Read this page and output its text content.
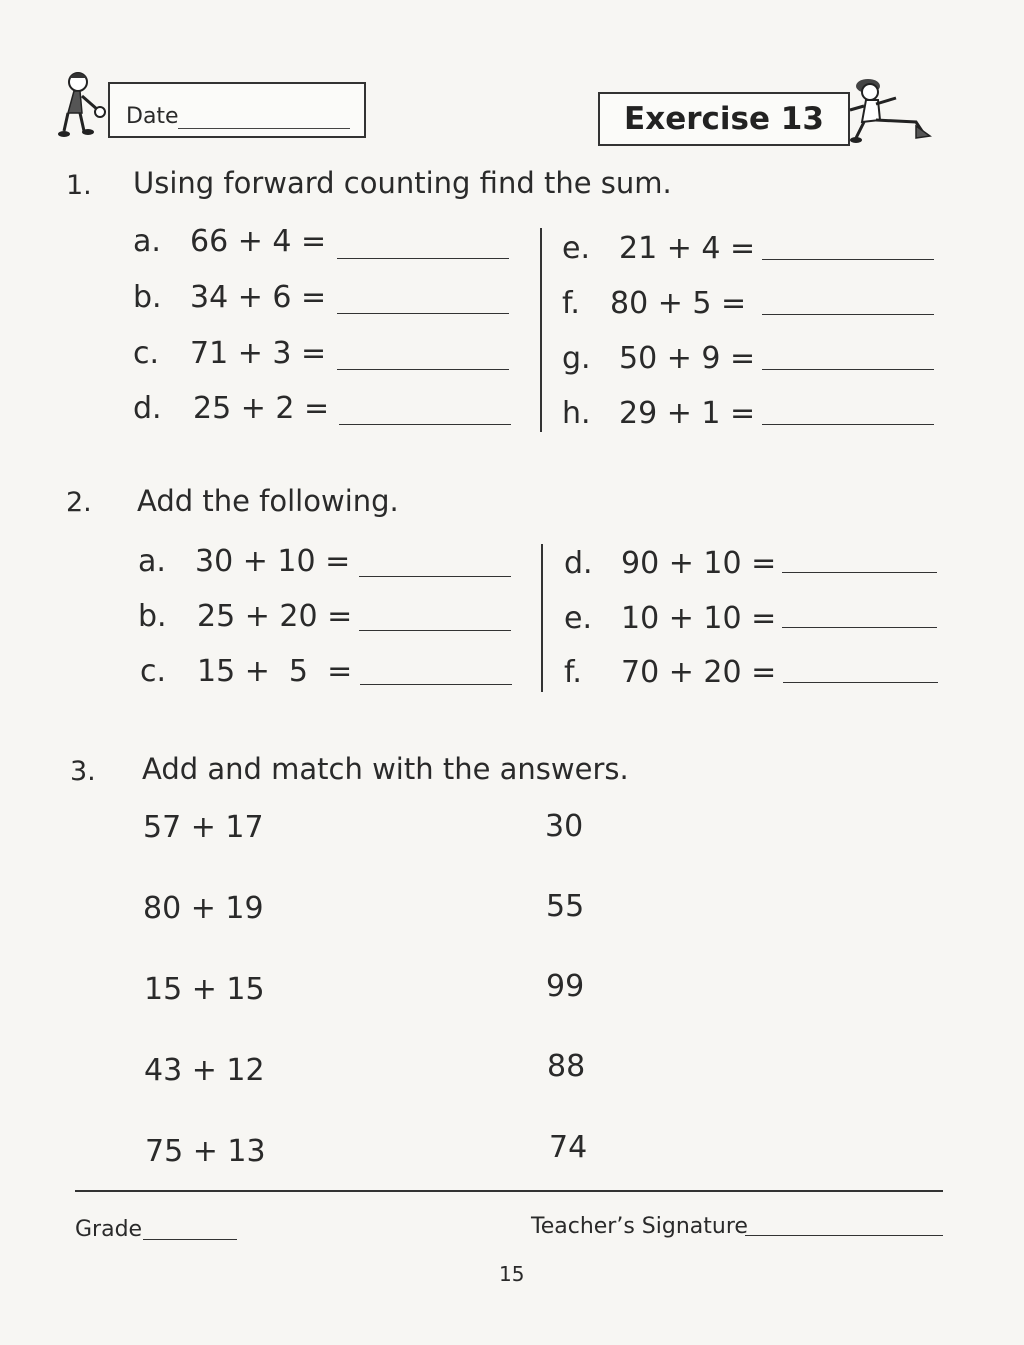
Date	Exercise 13
1. Using forward counting find the sum.
a. 66 + 4 =
b. 34 + 6 =
c. 71 + 3 =
d. 25 + 2 =
e. 21 + 4 =
f. 80 + 5 =
g. 50 + 9 =
h. 29 + 1 =
2. Add the following.
a. 30 + 10 =
b. 25 + 20 =
c. 15 +  5  =
d. 90 + 10 =
e. 10 + 10 =
f. 70 + 20 =
3. Add and match with the answers.
57 + 17
80 + 19
15 + 15
43 + 12
75 + 13
30
55
99
88
74
Grade	Teacher’s Signature
15
